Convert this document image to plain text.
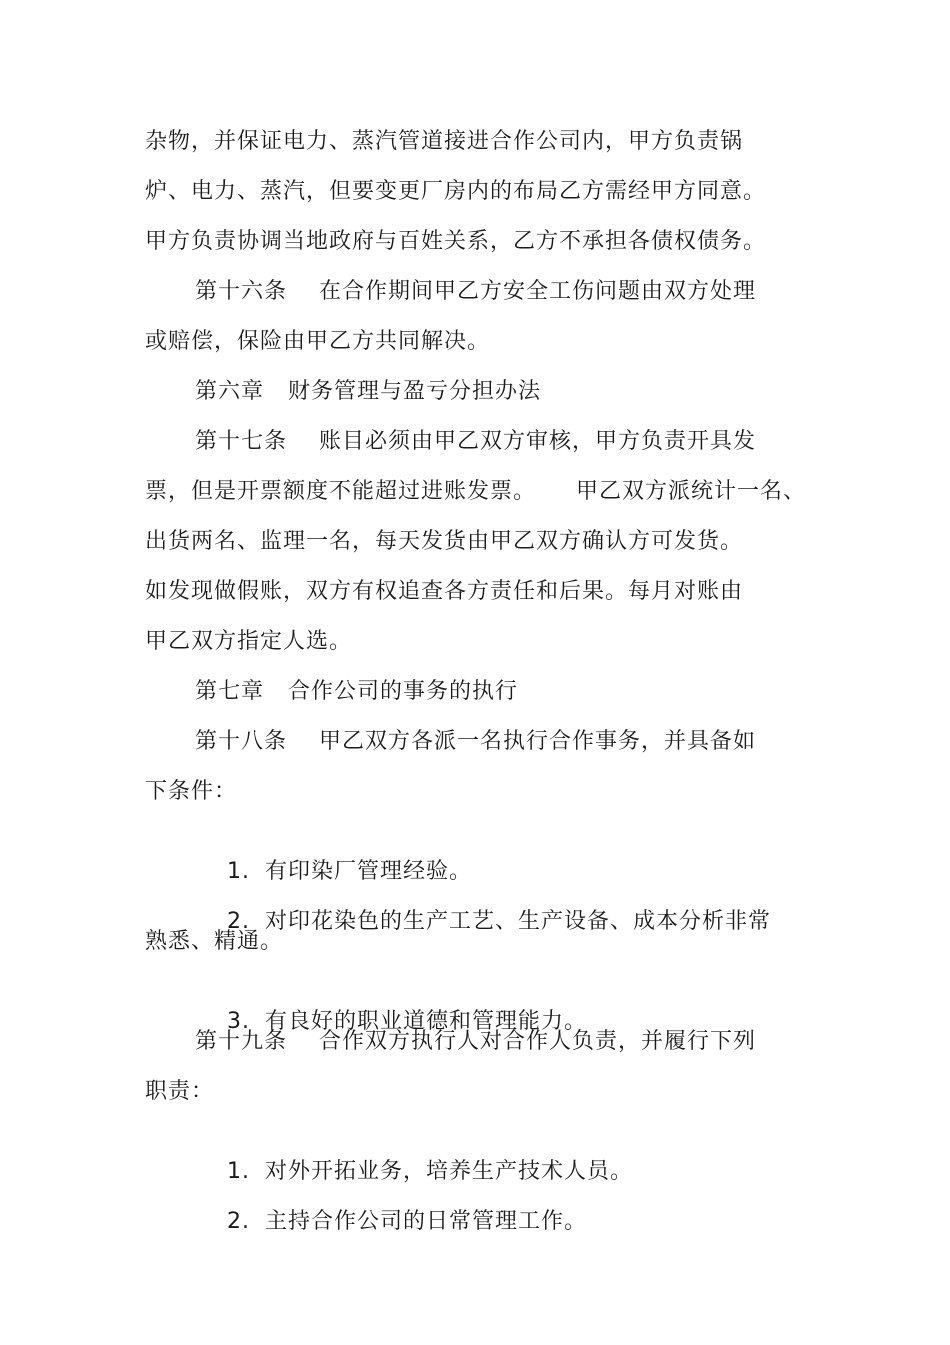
杂物，并保证电力、蒸汽管道接进合作公司内，甲方负责锅
炉、电力、蒸汽，但要变更厂房内的布局乙方需经甲方同意。
甲方负责协调当地政府与百姓关系，乙方不承担各债权债务。
第十六条    在合作期间甲乙方安全工伤问题由双方处理
或赔偿，保险由甲乙方共同解决。
第六章   财务管理与盈亏分担办法
第十七条    账目必须由甲乙双方审核，甲方负责开具发
票，但是开票额度不能超过进账发票。     甲乙双方派统计一名、
出货两名、监理一名，每天发货由甲乙双方确认方可发货。
如发现做假账，双方有权追查各方责任和后果。每月对账由
甲乙双方指定人选。
第七章   合作公司的事务的执行
第十八条    甲乙双方各派一名执行合作事务，并具备如
下条件：

1. 有印染厂管理经验。

2. 对印花染色的生产工艺、生产设备、成本分析非常

熟悉、精通。

3. 有良好的职业道德和管理能力。

第十九条    合作双方执行人对合作人负责，并履行下列
职责：

1. 对外开拓业务，培养生产技术人员。

2. 主持合作公司的日常管理工作。
